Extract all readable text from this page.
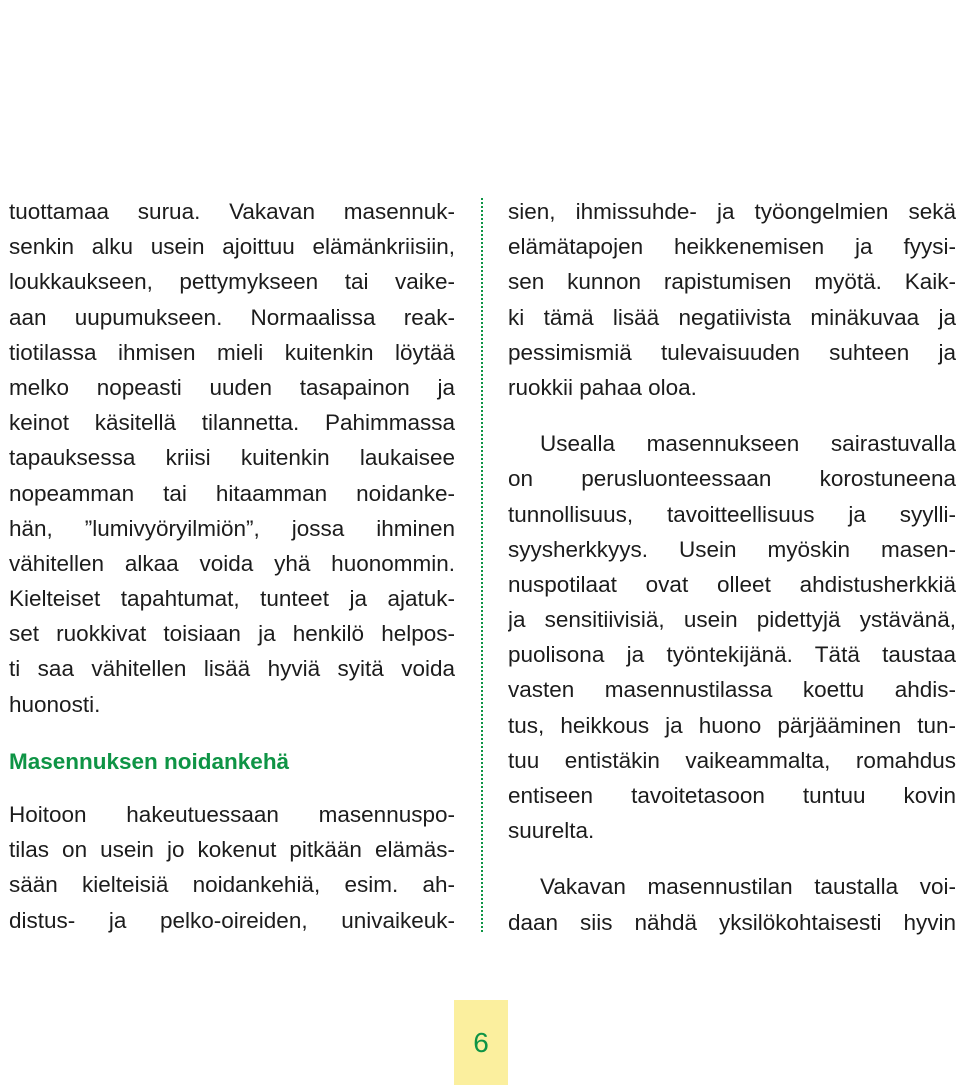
tuottamaa surua. Vakavan masennuk-
senkin alku usein ajoittuu elämänkriisiin,
loukkaukseen, pettymykseen tai vaike-
aan uupumukseen. Normaalissa reak-
tiotilassa ihmisen mieli kuitenkin löytää
melko nopeasti uuden tasapainon ja
keinot käsitellä tilannetta. Pahimmassa
tapauksessa kriisi kuitenkin laukaisee
nopeamman tai hitaamman noidanke-
hän, ”lumivyöryilmiön”, jossa ihminen
vähitellen alkaa voida yhä huonommin.
Kielteiset tapahtumat, tunteet ja ajatuk-
set ruokkivat toisiaan ja henkilö helpos-
ti saa vähitellen lisää hyviä syitä voida
huonosti.
Masennuksen noidankehä
Hoitoon hakeutuessaan masennuspo-
tilas on usein jo kokenut pitkään elämäs-
sään kielteisiä noidankehiä, esim. ah-
distus- ja pelko-oireiden, univaikeuk-
sien, ihmissuhde- ja työongelmien sekä
elämätapojen heikkenemisen ja fyysi-
sen kunnon rapistumisen myötä. Kaik-
ki tämä lisää negatiivista minäkuvaa ja
pessimismiä tulevaisuuden suhteen ja
ruokkii pahaa oloa.
Usealla masennukseen sairastuvalla
on perusluonteessaan korostuneena
tunnollisuus, tavoitteellisuus ja syylli-
syysherkkyys. Usein myöskin masen-
nuspotilaat ovat olleet ahdistusherkkiä
ja sensitiivisiä, usein pidettyjä ystävänä,
puolisona ja työntekijänä. Tätä taustaa
vasten masennustilassa koettu ahdis-
tus, heikkous ja huono pärjääminen tun-
tuu entistäkin vaikeammalta, romahdus
entiseen tavoitetasoon tuntuu kovin
suurelta.
Vakavan masennustilan taustalla voi-
daan siis nähdä yksilökohtaisesti hyvin
6
